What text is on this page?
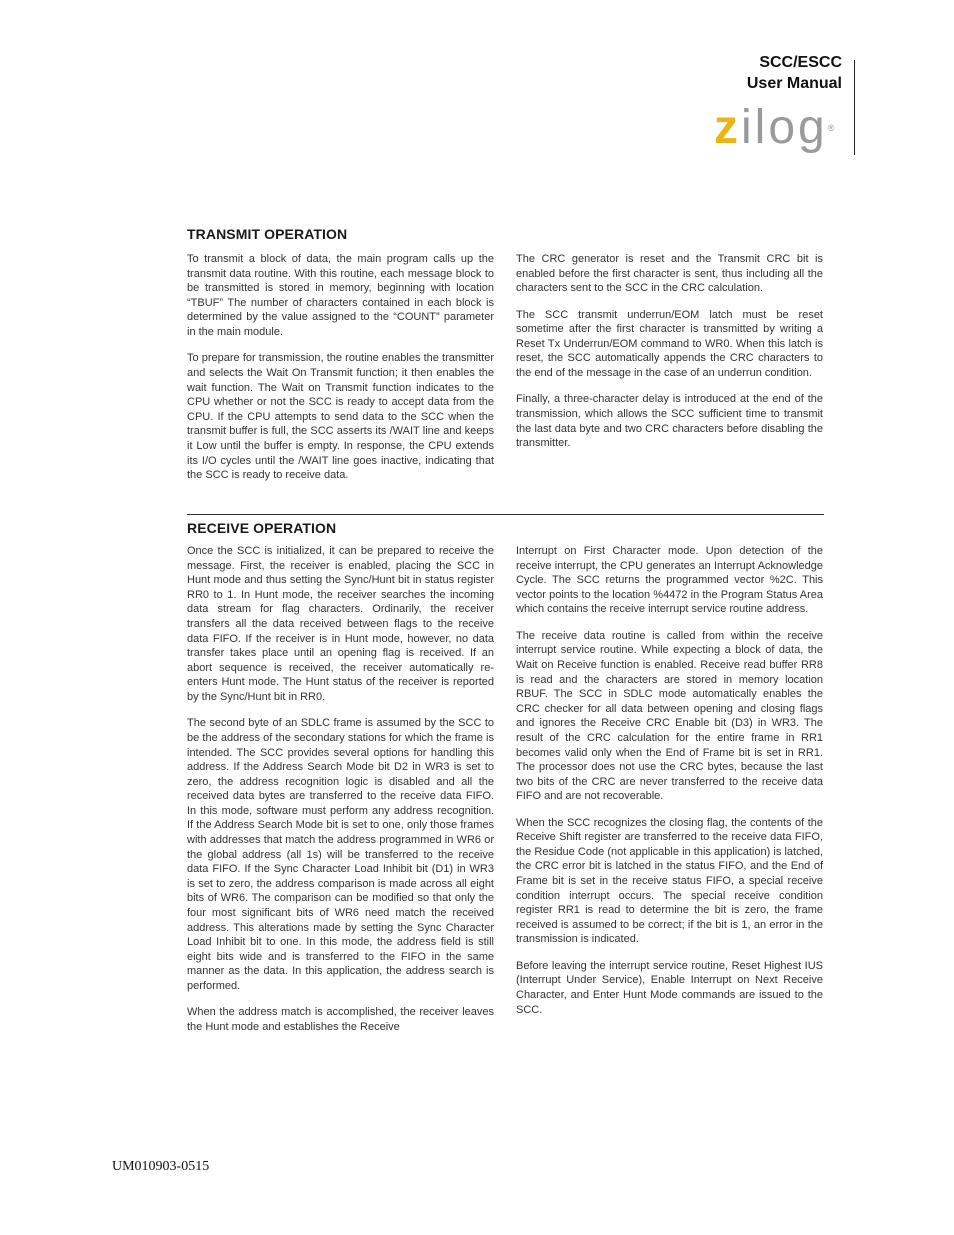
SCC/ESCC
User Manual
zilog®
TRANSMIT OPERATION

To transmit a block of data, the main program calls up the transmit data routine. With this routine, each message block to be transmitted is stored in memory, beginning with location “TBUF” The number of characters contained in each block is determined by the value assigned to the “COUNT” parameter in the main module.

To prepare for transmission, the routine enables the transmitter and selects the Wait On Transmit function; it then enables the wait function. The Wait on Transmit function indicates to the CPU whether or not the SCC is ready to accept data from the CPU. If the CPU attempts to send data to the SCC when the transmit buffer is full, the SCC asserts its /WAIT line and keeps it Low until the buffer is empty. In response, the CPU extends its I/O cycles until the /WAIT line goes inactive, indicating that the SCC is ready to receive data.

The CRC generator is reset and the Transmit CRC bit is enabled before the first character is sent, thus including all the characters sent to the SCC in the CRC calculation.

The SCC transmit underrun/EOM latch must be reset sometime after the first character is transmitted by writing a Reset Tx Underrun/EOM command to WR0. When this latch is reset, the SCC automatically appends the CRC characters to the end of the message in the case of an underrun condition.

Finally, a three-character delay is introduced at the end of the transmission, which allows the SCC sufficient time to transmit the last data byte and two CRC characters before disabling the transmitter.

RECEIVE OPERATION

Once the SCC is initialized, it can be prepared to receive the message. First, the receiver is enabled, placing the SCC in Hunt mode and thus setting the Sync/Hunt bit in status register RR0 to 1. In Hunt mode, the receiver searches the incoming data stream for flag characters. Ordinarily, the receiver transfers all the data received between flags to the receive data FIFO. If the receiver is in Hunt mode, however, no data transfer takes place until an opening flag is received. If an abort sequence is received, the receiver automatically re-enters Hunt mode. The Hunt status of the receiver is reported by the Sync/Hunt bit in RR0.

The second byte of an SDLC frame is assumed by the SCC to be the address of the secondary stations for which the frame is intended. The SCC provides several options for handling this address. If the Address Search Mode bit D2 in WR3 is set to zero, the address recognition logic is disabled and all the received data bytes are transferred to the receive data FIFO. In this mode, software must perform any address recognition. If the Address Search Mode bit is set to one, only those frames with addresses that match the address programmed in WR6 or the global address (all 1s) will be transferred to the receive data FIFO. If the Sync Character Load Inhibit bit (D1) in WR3 is set to zero, the address comparison is made across all eight bits of WR6. The comparison can be modified so that only the four most significant bits of WR6 need match the received address. This alterations made by setting the Sync Character Load Inhibit bit to one. In this mode, the address field is still eight bits wide and is transferred to the FIFO in the same manner as the data. In this application, the address search is performed.

When the address match is accomplished, the receiver leaves the Hunt mode and establishes the Receive

Interrupt on First Character mode. Upon detection of the receive interrupt, the CPU generates an Interrupt Acknowledge Cycle. The SCC returns the programmed vector %2C. This vector points to the location %4472 in the Program Status Area which contains the receive interrupt service routine address.

The receive data routine is called from within the receive interrupt service routine. While expecting a block of data, the Wait on Receive function is enabled. Receive read buffer RR8 is read and the characters are stored in memory location RBUF. The SCC in SDLC mode automatically enables the CRC checker for all data between opening and closing flags and ignores the Receive CRC Enable bit (D3) in WR3. The result of the CRC calculation for the entire frame in RR1 becomes valid only when the End of Frame bit is set in RR1. The processor does not use the CRC bytes, because the last two bits of the CRC are never transferred to the receive data FIFO and are not recoverable.

When the SCC recognizes the closing flag, the contents of the Receive Shift register are transferred to the receive data FIFO, the Residue Code (not applicable in this application) is latched, the CRC error bit is latched in the status FIFO, and the End of Frame bit is set in the receive status FIFO, a special receive condition interrupt occurs. The special receive condition register RR1 is read to determine the bit is zero, the frame received is assumed to be correct; if the bit is 1, an error in the transmission is indicated.

Before leaving the interrupt service routine, Reset Highest IUS (Interrupt Under Service), Enable Interrupt on Next Receive Character, and Enter Hunt Mode commands are issued to the SCC.

UM010903-0515
